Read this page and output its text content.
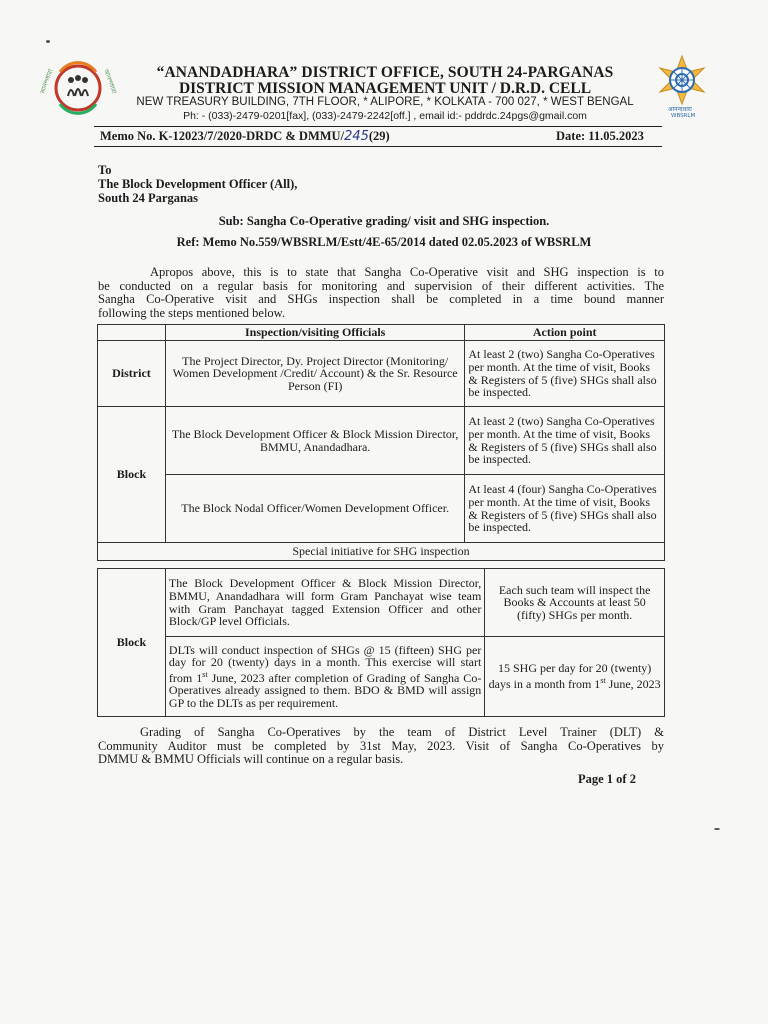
আনন্দধারা	আনন্দধারা
आनन्दधारा
WBSRLM
“ANANDADHARA” DISTRICT OFFICE, SOUTH 24-PARGANAS
DISTRICT MISSION MANAGEMENT UNIT / D.R.D. CELL
NEW TREASURY BUILDING, 7TH FLOOR, * ALIPORE, * KOLKATA - 700 027, * WEST BENGAL
Ph: - (033)-2479-0201[fax], (033)-2479-2242[off.] , email id:- pddrdc.24pgs@gmail.com
Memo No. K-12023/7/2020-DRDC & DMMU/245(29)	Date: 11.05.2023
To
The Block Development Officer (All),
South 24 Parganas
Sub: Sangha Co-Operative grading/ visit and SHG inspection.
Ref: Memo No.559/WBSRLM/Estt/4E-65/2014 dated 02.05.2023 of WBSRLM
Apropos above, this is to state that Sangha Co-Operative visit and SHG inspection is to
be conducted on a regular basis for monitoring and supervision of their different activities. The
Sangha Co-Operative visit and SHGs inspection shall be completed in a time bound manner
following the steps mentioned below.
	Inspection/visiting Officials	Action point
District	The Project Director, Dy. Project Director (Monitoring/ Women Development /Credit/ Account) & the Sr. Resource Person (FI)	At least 2 (two) Sangha Co-Operatives per month. At the time of visit, Books & Registers of 5 (five) SHGs shall also be inspected.
Block	The Block Development Officer & Block Mission Director, BMMU, Anandadhara.	At least 2 (two) Sangha Co-Operatives per month. At the time of visit, Books & Registers of 5 (five) SHGs shall also be inspected.
	The Block Nodal Officer/Women Development Officer.	At least 4 (four) Sangha Co-Operatives per month. At the time of visit, Books & Registers of 5 (five) SHGs shall also be inspected.
Special initiative for SHG inspection		
Block	The Block Development Officer & Block Mission Director, BMMU, Anandadhara will form Gram Panchayat wise team with Gram Panchayat tagged Extension Officer and other Block/GP level Officials.	Each such team will inspect the Books & Accounts at least 50 (fifty) SHGs per month.
	DLTs will conduct inspection of SHGs @ 15 (fifteen) SHG per day for 20 (twenty) days in a month. This exercise will start from 1st June, 2023 after completion of Grading of Sangha Co-Operatives already assigned to them. BDO & BMD will assign GP to the DLTs as per requirement.	15 SHG per day for 20 (twenty) days in a month from 1st June, 2023
Grading of Sangha Co-Operatives by the team of District Level Trainer (DLT) &
Community Auditor must be completed by 31st May, 2023. Visit of Sangha Co-Operatives by
DMMU & BMMU Officials will continue on a regular basis.
Page 1 of 2
